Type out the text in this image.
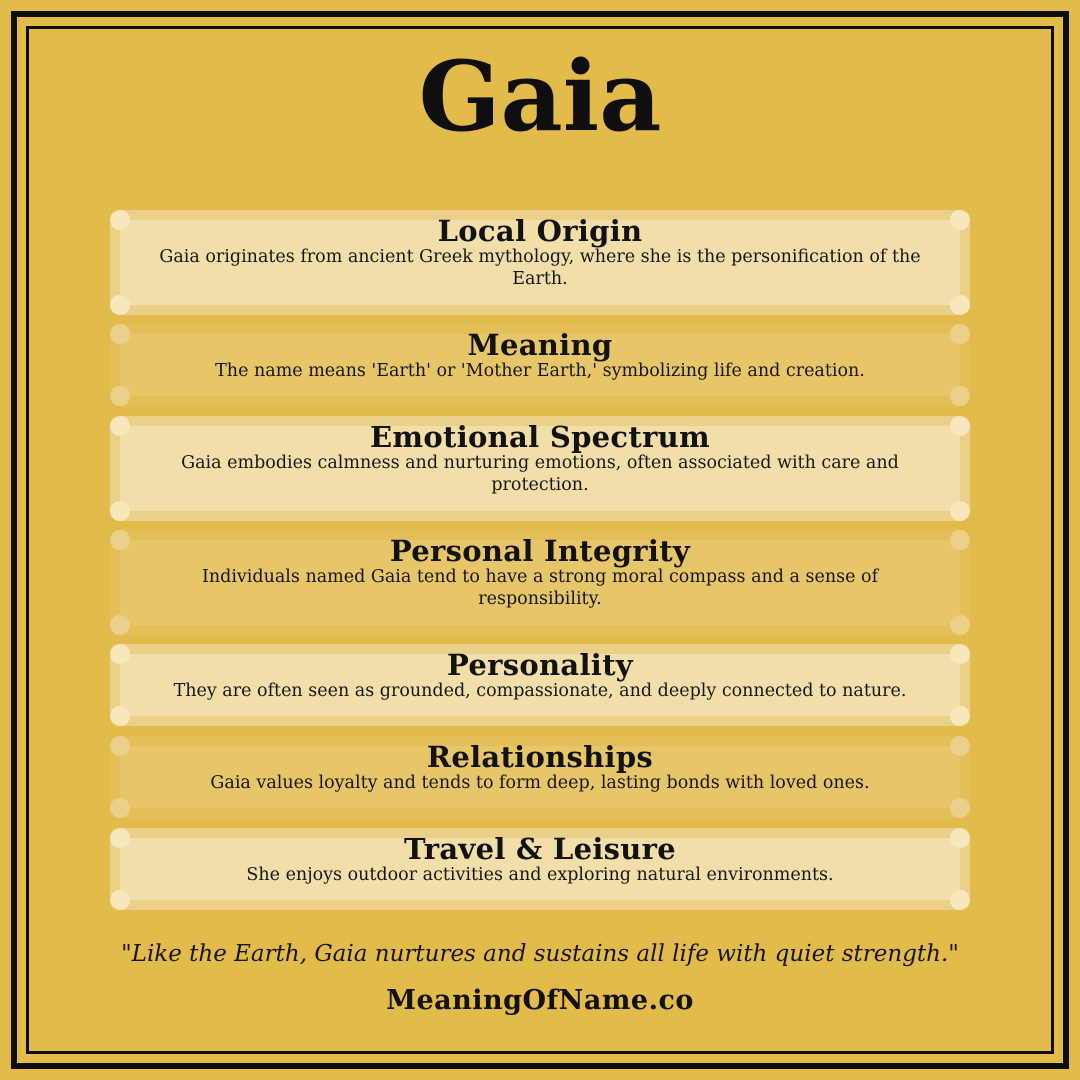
Gaia
Local Origin

Gaia originates from ancient Greek mythology, where she is the personification of the Earth.

Meaning

The name means 'Earth' or 'Mother Earth,' symbolizing life and creation.

Emotional Spectrum

Gaia embodies calmness and nurturing emotions, often associated with care and protection.

Personal Integrity

Individuals named Gaia tend to have a strong moral compass and a sense of responsibility.

Personality

They are often seen as grounded, compassionate, and deeply connected to nature.

Relationships

Gaia values loyalty and tends to form deep, lasting bonds with loved ones.

Travel & Leisure

She enjoys outdoor activities and exploring natural environments.

"Like the Earth, Gaia nurtures and sustains all life with quiet strength."
MeaningOfName.co
